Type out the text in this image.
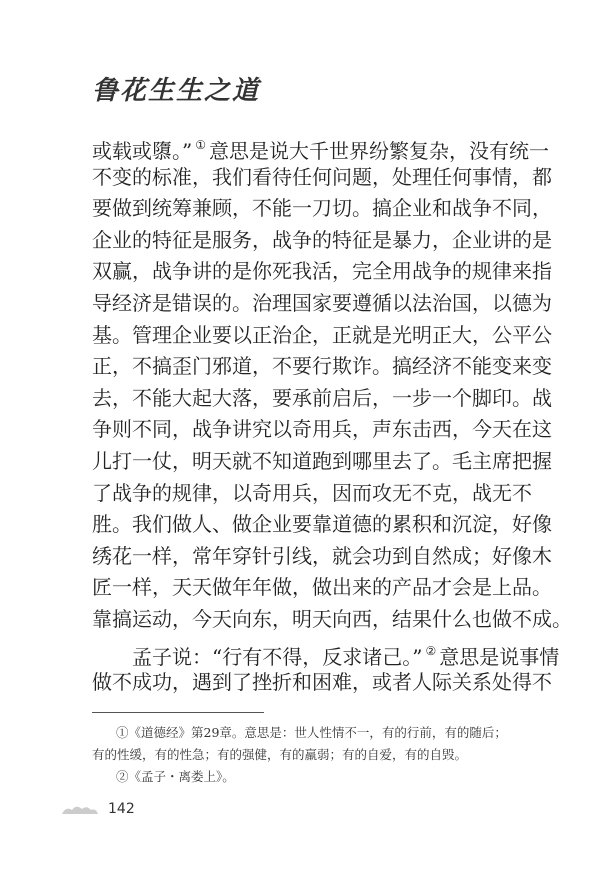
鲁花生生之道
或载或隳。” ① 意思是说大千世界纷繁复杂，没有统一
不变的标准，我们看待任何问题，处理任何事情，都
要做到统筹兼顾，不能一刀切。搞企业和战争不同，
企业的特征是服务，战争的特征是暴力，企业讲的是
双赢，战争讲的是你死我活，完全用战争的规律来指
导经济是错误的。治理国家要遵循以法治国，以德为
基。管理企业要以正治企，正就是光明正大，公平公
正，不搞歪门邪道，不要行欺诈。搞经济不能变来变
去，不能大起大落，要承前启后，一步一个脚印。战
争则不同，战争讲究以奇用兵，声东击西，今天在这
儿打一仗，明天就不知道跑到哪里去了。毛主席把握
了战争的规律，以奇用兵，因而攻无不克，战无不
胜。我们做人、做企业要靠道德的累积和沉淀，好像
绣花一样，常年穿针引线，就会功到自然成；好像木
匠一样，天天做年年做，做出来的产品才会是上品。
靠搞运动，今天向东，明天向西，结果什么也做不成。
孟子说：“行有不得，反求诸己。” ② 意思是说事情
做不成功，遇到了挫折和困难，或者人际关系处得不
①《道德经》第29章。意思是：世人性情不一，有的行前，有的随后；
有的性缓，有的性急；有的强健，有的羸弱；有的自爱，有的自毁。
②《孟子・离娄上》。
142
